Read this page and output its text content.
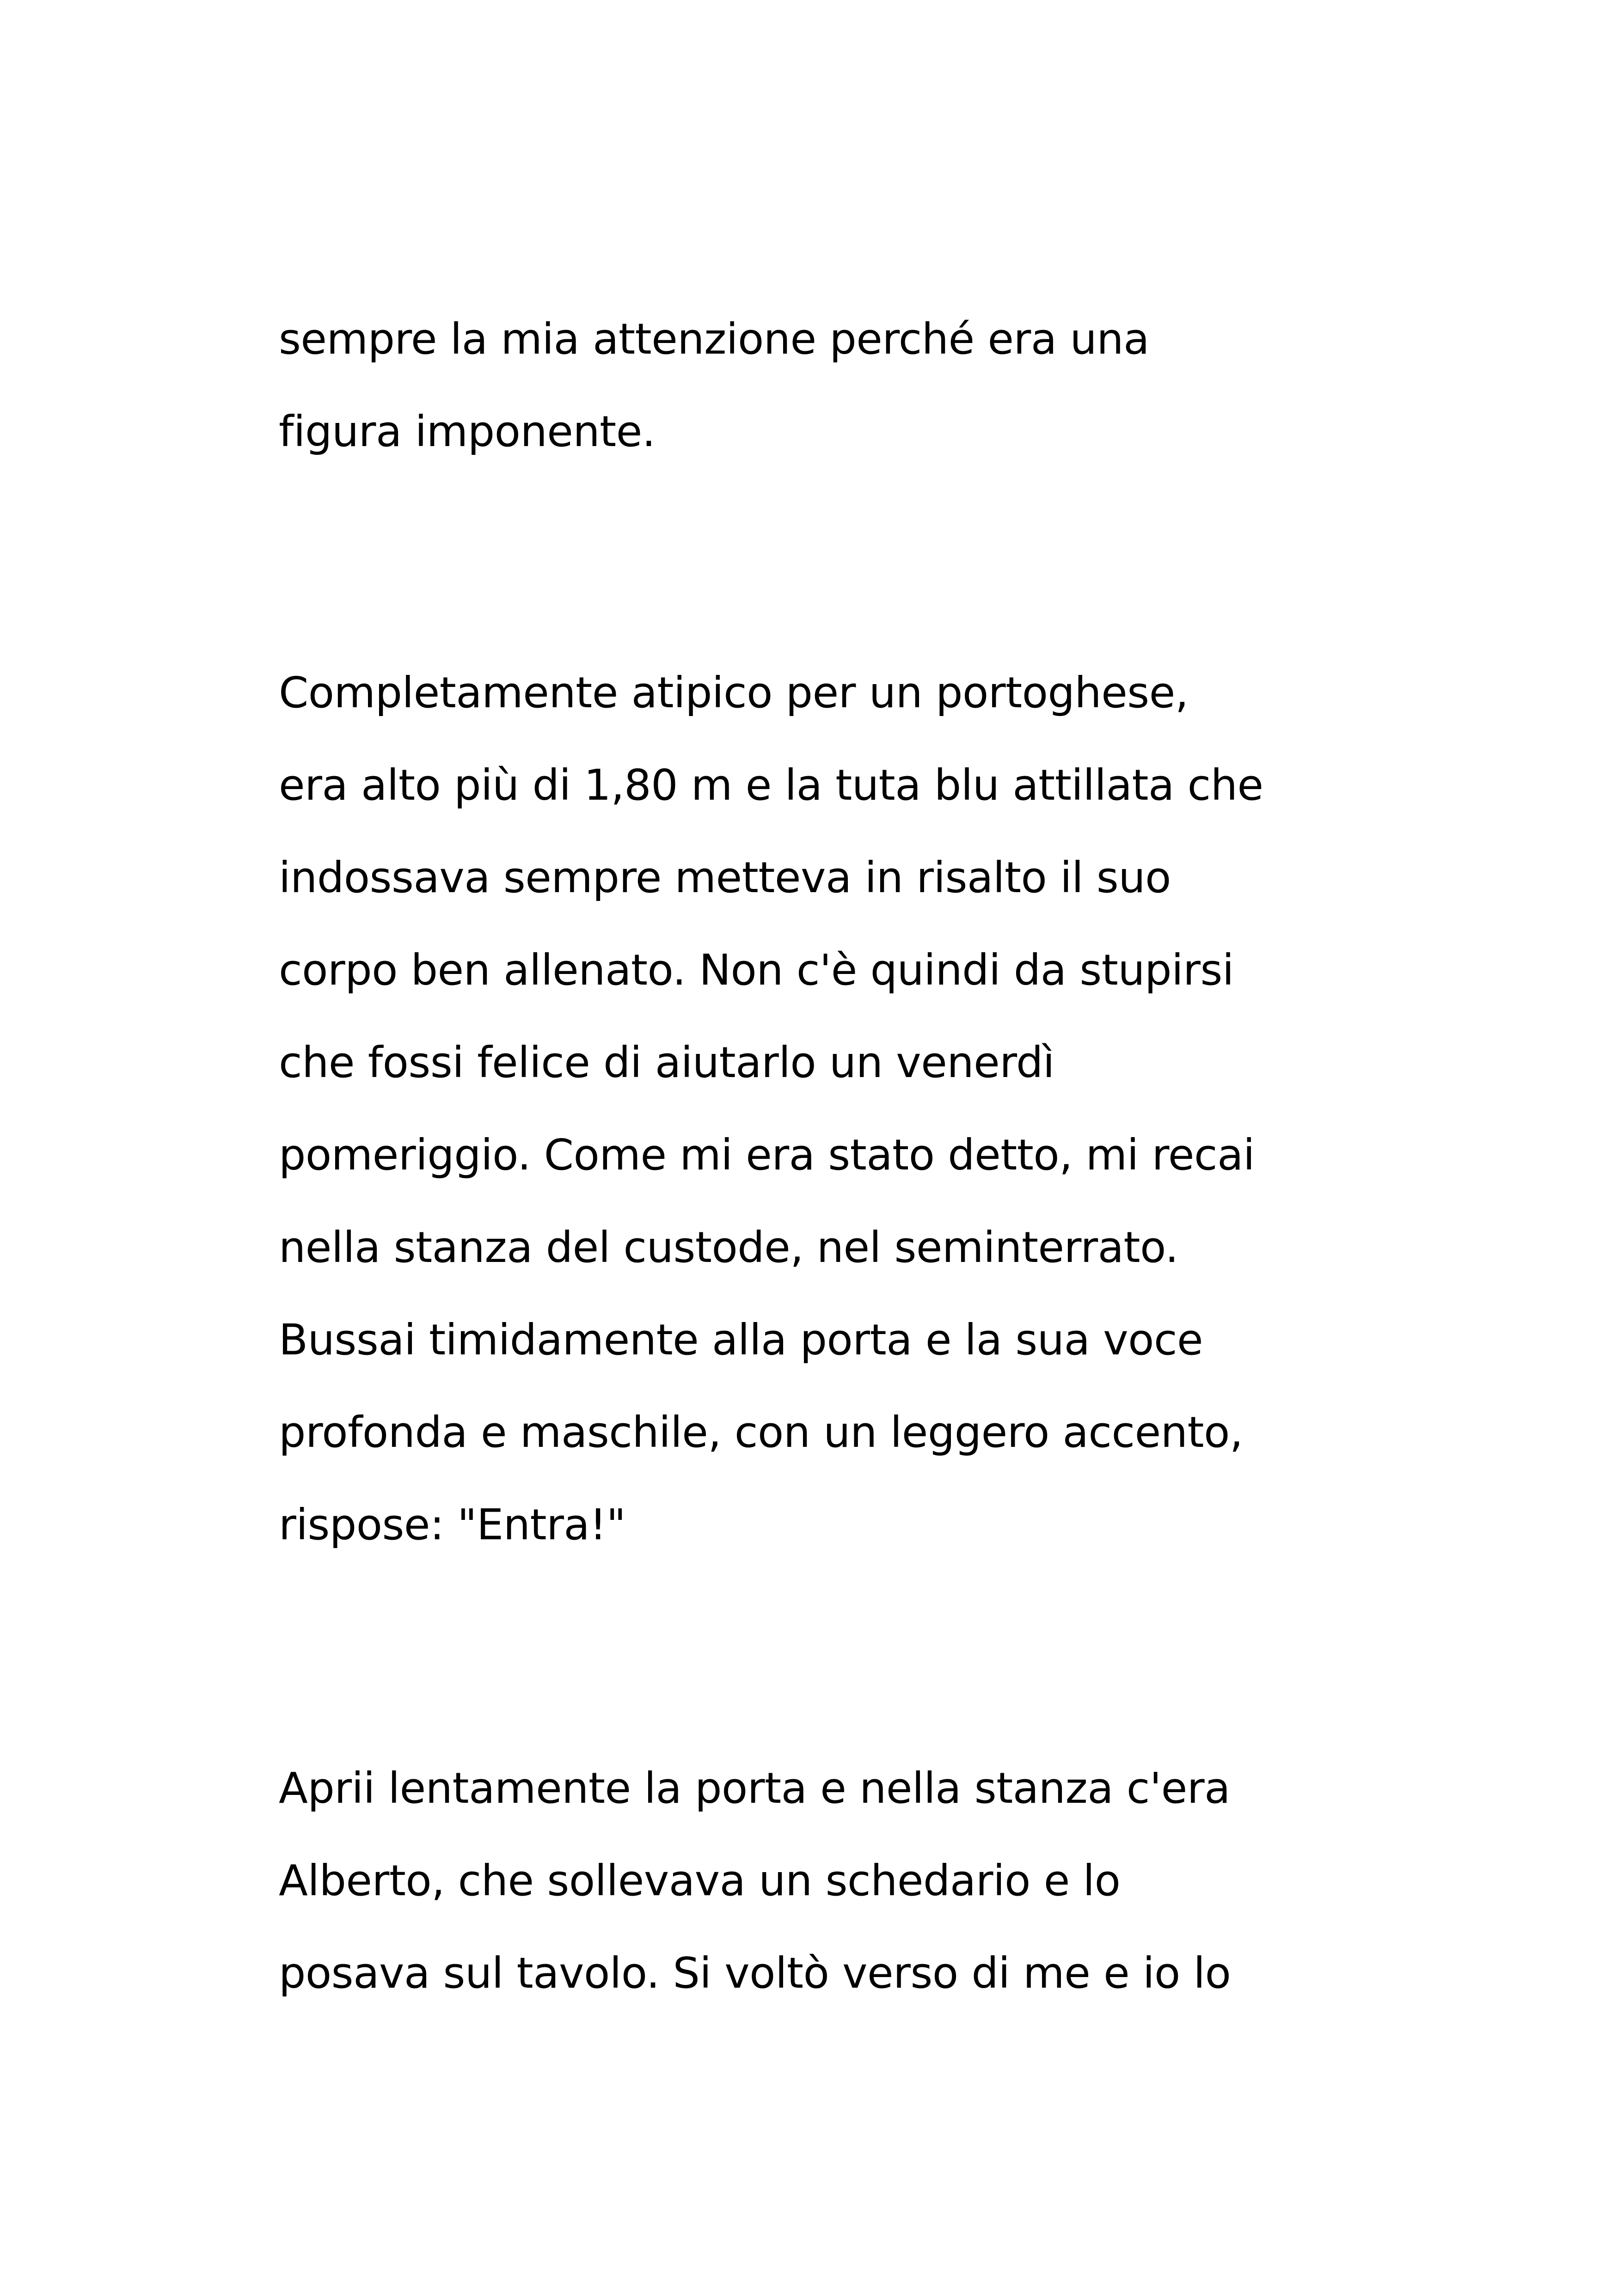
sempre la mia attenzione perché era una

figura imponente.

Completamente atipico per un portoghese,

era alto più di 1,80 m e la tuta blu attillata che

indossava sempre metteva in risalto il suo

corpo ben allenato. Non c'è quindi da stupirsi

che fossi felice di aiutarlo un venerdì

pomeriggio. Come mi era stato detto, mi recai

nella stanza del custode, nel seminterrato.

Bussai timidamente alla porta e la sua voce

profonda e maschile, con un leggero accento,

rispose: "Entra!"

Aprii lentamente la porta e nella stanza c'era

Alberto, che sollevava un schedario e lo

posava sul tavolo. Si voltò verso di me e io lo
